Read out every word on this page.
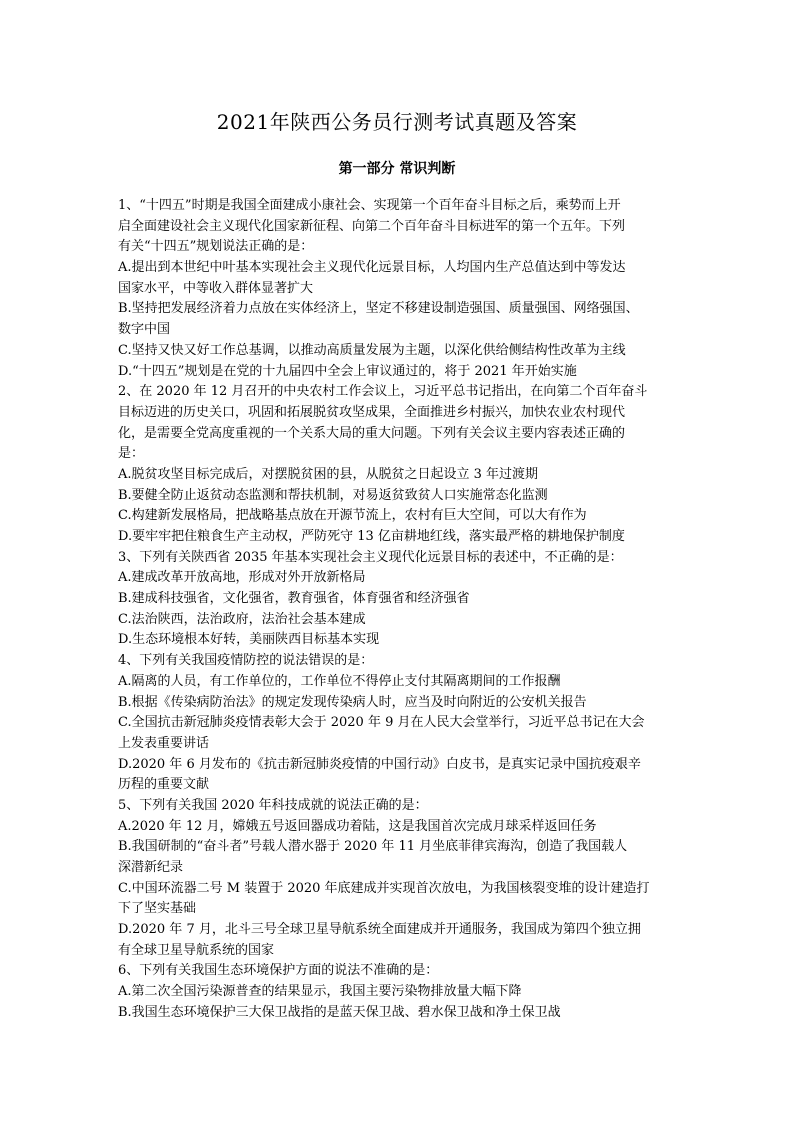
2021年陕西公务员行测考试真题及答案
第一部分 常识判断
1、“十四五”时期是我国全面建成小康社会、实现第一个百年奋斗目标之后，乘势而上开
启全面建设社会主义现代化国家新征程、向第二个百年奋斗目标进军的第一个五年。下列
有关“十四五”规划说法正确的是：
A.提出到本世纪中叶基本实现社会主义现代化远景目标，人均国内生产总值达到中等发达
国家水平，中等收入群体显著扩大
B.坚持把发展经济着力点放在实体经济上，坚定不移建设制造强国、质量强国、网络强国、
数字中国
C.坚持又快又好工作总基调，以推动高质量发展为主题，以深化供给侧结构性改革为主线
D.“十四五”规划是在党的十九届四中全会上审议通过的，将于 2021 年开始实施
2、在 2020 年 12 月召开的中央农村工作会议上，习近平总书记指出，在向第二个百年奋斗
目标迈进的历史关口，巩固和拓展脱贫攻坚成果，全面推进乡村振兴，加快农业农村现代
化，是需要全党高度重视的一个关系大局的重大问题。下列有关会议主要内容表述正确的
是：
A.脱贫攻坚目标完成后，对摆脱贫困的县，从脱贫之日起设立 3 年过渡期
B.要健全防止返贫动态监测和帮扶机制，对易返贫致贫人口实施常态化监测
C.构建新发展格局，把战略基点放在开源节流上，农村有巨大空间，可以大有作为
D.要牢牢把住粮食生产主动权，严防死守 13 亿亩耕地红线，落实最严格的耕地保护制度
3、下列有关陕西省 2035 年基本实现社会主义现代化远景目标的表述中，不正确的是：
A.建成改革开放高地，形成对外开放新格局
B.建成科技强省，文化强省，教育强省，体育强省和经济强省
C.法治陕西，法治政府，法治社会基本建成
D.生态环境根本好转，美丽陕西目标基本实现
4、下列有关我国疫情防控的说法错误的是：
A.隔离的人员，有工作单位的，工作单位不得停止支付其隔离期间的工作报酬
B.根据《传染病防治法》的规定发现传染病人时，应当及时向附近的公安机关报告
C.全国抗击新冠肺炎疫情表彰大会于 2020 年 9 月在人民大会堂举行，习近平总书记在大会
上发表重要讲话
D.2020 年 6 月发布的《抗击新冠肺炎疫情的中国行动》白皮书，是真实记录中国抗疫艰辛
历程的重要文献
5、下列有关我国 2020 年科技成就的说法正确的是：
A.2020 年 12 月，嫦娥五号返回器成功着陆，这是我国首次完成月球采样返回任务
B.我国研制的“奋斗者”号载人潜水器于 2020 年 11 月坐底菲律宾海沟，创造了我国载人
深潜新纪录
C.中国环流器二号 M 装置于 2020 年底建成并实现首次放电，为我国核裂变堆的设计建造打
下了坚实基础
D.2020 年 7 月，北斗三号全球卫星导航系统全面建成并开通服务，我国成为第四个独立拥
有全球卫星导航系统的国家
6、下列有关我国生态环境保护方面的说法不准确的是：
A.第二次全国污染源普查的结果显示，我国主要污染物排放量大幅下降
B.我国生态环境保护三大保卫战指的是蓝天保卫战、碧水保卫战和净土保卫战
